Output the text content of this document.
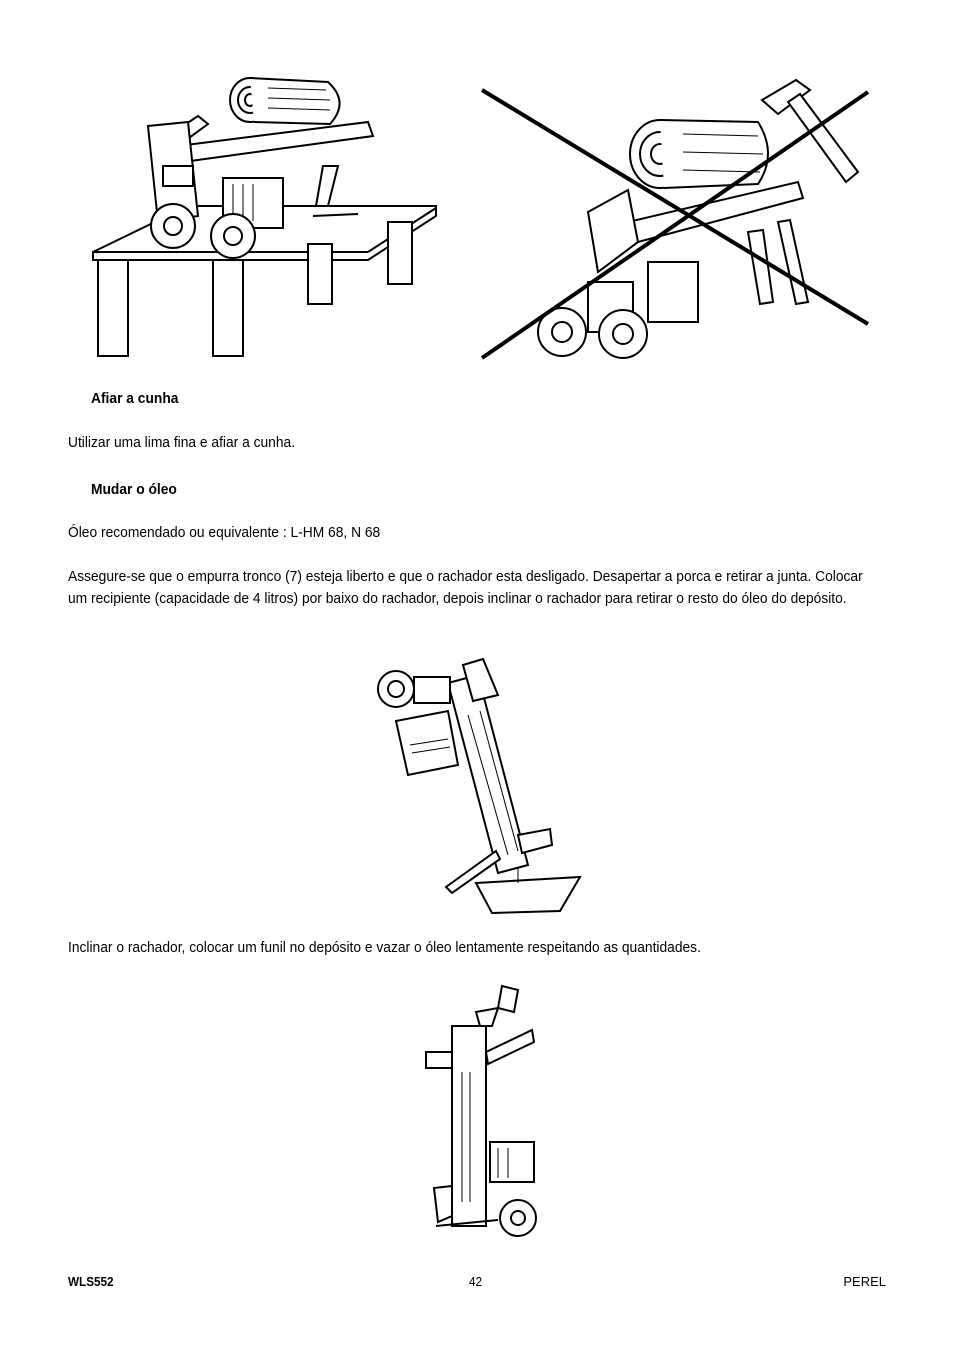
Afiar a cunha
Utilizar uma lima fina e afiar a cunha.
Mudar o óleo
Óleo recomendado ou equivalente : L-HM 68, N 68
Assegure-se que o empurra tronco (7) esteja liberto e que o rachador esta desligado. Desapertar a porca e retirar a junta. Colocar um recipiente (capacidade de 4 litros) por baixo do rachador, depois inclinar o rachador para retirar o resto do óleo do depósito.
Inclinar o rachador, colocar um funil no depósito e vazar o óleo lentamente respeitando as quantidades.
WLS552	42	PEREL
